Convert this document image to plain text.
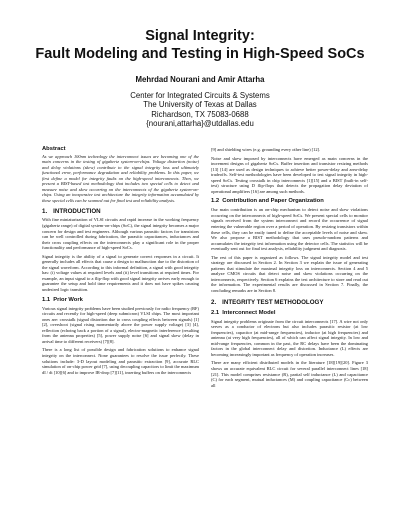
Signal Integrity:
Fault Modeling and Testing in High-Speed SoCs
Mehrdad Nourani and Amir Attarha
Center for Integrated Circuits & Systems
The University of Texas at Dallas
Richardson, TX 75083-0688
{nourani,attarha}@utdallas.edu
Abstract

As we approach 100nm technology the interconnect issues are becoming one of the main concerns in the testing of gigahertz system-on-chips. Voltage distortion (noise) and delay violations (skew) contribute to the signal integrity loss and ultimately functional error, performance degradation and reliability problems. In this paper, we first define a model for integrity faults on the high-speed interconnects. Then, we present a BIST-based test methodology that includes two special cells to detect and measure noise and skew occurring on the interconnects of the gigahertz system-on-chips. Using an inexpensive test architecture the integrity information accumulated by these special cells can be scanned out for final test and reliability analysis.

1. INTRODUCTION

With fine miniaturization of VLSI circuits and rapid increase in the working frequency (gigahertz range) of digital system-on-chips (SoC), the signal integrity becomes a major concern for design and test engineers. Although various parasitic factors for transistors can be well controlled during fabrication, the parasitic capacitances, inductances and their cross coupling effects on the interconnects play a significant role in the proper functionality and performance of high-speed SoCs.

Signal integrity is the ability of a signal to generate correct responses in a circuit. It generally includes all effects that cause a design to malfunction due to the distortion of the signal waveform. According to this informal definition, a signal with good integrity has: (i) voltage values at required levels and (ii) level transitions at required times. For example, an input signal to a flip-flop with good signal integrity arrives early enough to guarantee the setup and hold time requirements and it does not have spikes causing undesired logic transition.

1.1 Prior Work

Various signal integrity problems have been studied previously for radio frequency (RF) circuits and recently for high-speed (deep submicron) VLSI chips. The most important ones are: crosstalk (signal distortion due to cross coupling effects between signals) [1] [2], overshoot (signal rising momentarily above the power supply voltage) [3] [4], reflection (echoing back a portion of a signal), electro-magnetic interference (resulting from the antenna properties) [5], power supply noise [6] and signal skew (delay in arrival time to different receivers) [7][8].

There is a long list of possible design and fabrication solutions to enhance signal integrity on the interconnect. None guarantees to resolve the issue perfectly. These solutions include: 3-D layout modeling and parasitic extraction [9], accurate RLC simulation of on-chip power grid [7], using decoupling capacitors to limit the maximum dI / dt [10][6] and to improve IR-drop [7][11], inserting buffers on the interconnects

[9] and shielding wires (e.g. grounding every other line) [12].

Noise and skew imposed by interconnects have emerged as main concerns in the increment designs of gigahertz SoCs. Buffer insertion and transistor resizing methods [13] [14] are used as design techniques to achieve better power-delay and area-delay tradeoffs. Self-test methodologies have been developed to test signal integrity in high-speed SoCs. Testing crosstalk in chip interconnects [1][15] and a BIST (built-in self-test) structure using D flip-flops that detects the propagation delay deviation of operational amplifiers [16] are among such methods.

1.2 Contribution and Paper Organization

Our main contribution is an on-chip mechanism to detect noise and skew violations occurring on the interconnects of high-speed SoCs. We present special cells to monitor signals received from the system interconnect and record the occurrence of signal entering the vulnerable region over a period of operation. By resizing transistors within these cells, they can be easily tuned to define the acceptable levels of noise and skew. We also propose a BIST methodology that uses pseudo-random patterns and accumulates the integrity test information using the detector cells. The statistics will be eventually sent out for final test analysis, reliability judgment and diagnosis.

The rest of this paper is organized as follows. The signal integrity model and test strategy are discussed in Section 2. In Section 3 we explain the issue of generating patterns that stimulate the maximal integrity loss on interconnects. Section 4 and 5 analyze CMOS circuits that detect noise and skew violations occurring on the interconnects, respectively. Section 6 explains the test architecture to store and read out the information. The experimental results are discussed in Section 7. Finally, the concluding remarks are in Section 8.

2. INTEGRITY TEST METHODOLOGY
2.1 Interconnect Model

Signal integrity problems originate from the circuit interconnects [17]. A wire not only serves as a conductor of electrons but also includes parasitic resistor (at low frequencies), capacitor (at mid-range frequencies), inductor (at high frequencies) and antenna (at very high frequencies), all of which can affect signal integrity. In low and mid-range frequencies, common in the past, the RC delays have been the dominating factors in the global interconnect delay and distortion. Inductance (L) effects are becoming increasingly important as frequency of operation increases.

There are many efficient distributed models in the literature [18][19][20]. Figure 3 shows an accurate equivalent RLC circuit for several parallel interconnect lines [18][21]. This model comprises resistance (R), partial self inductance (L) and capacitance (C) for each segment, mutual inductances (M) and coupling capacitance (Cc) between all
